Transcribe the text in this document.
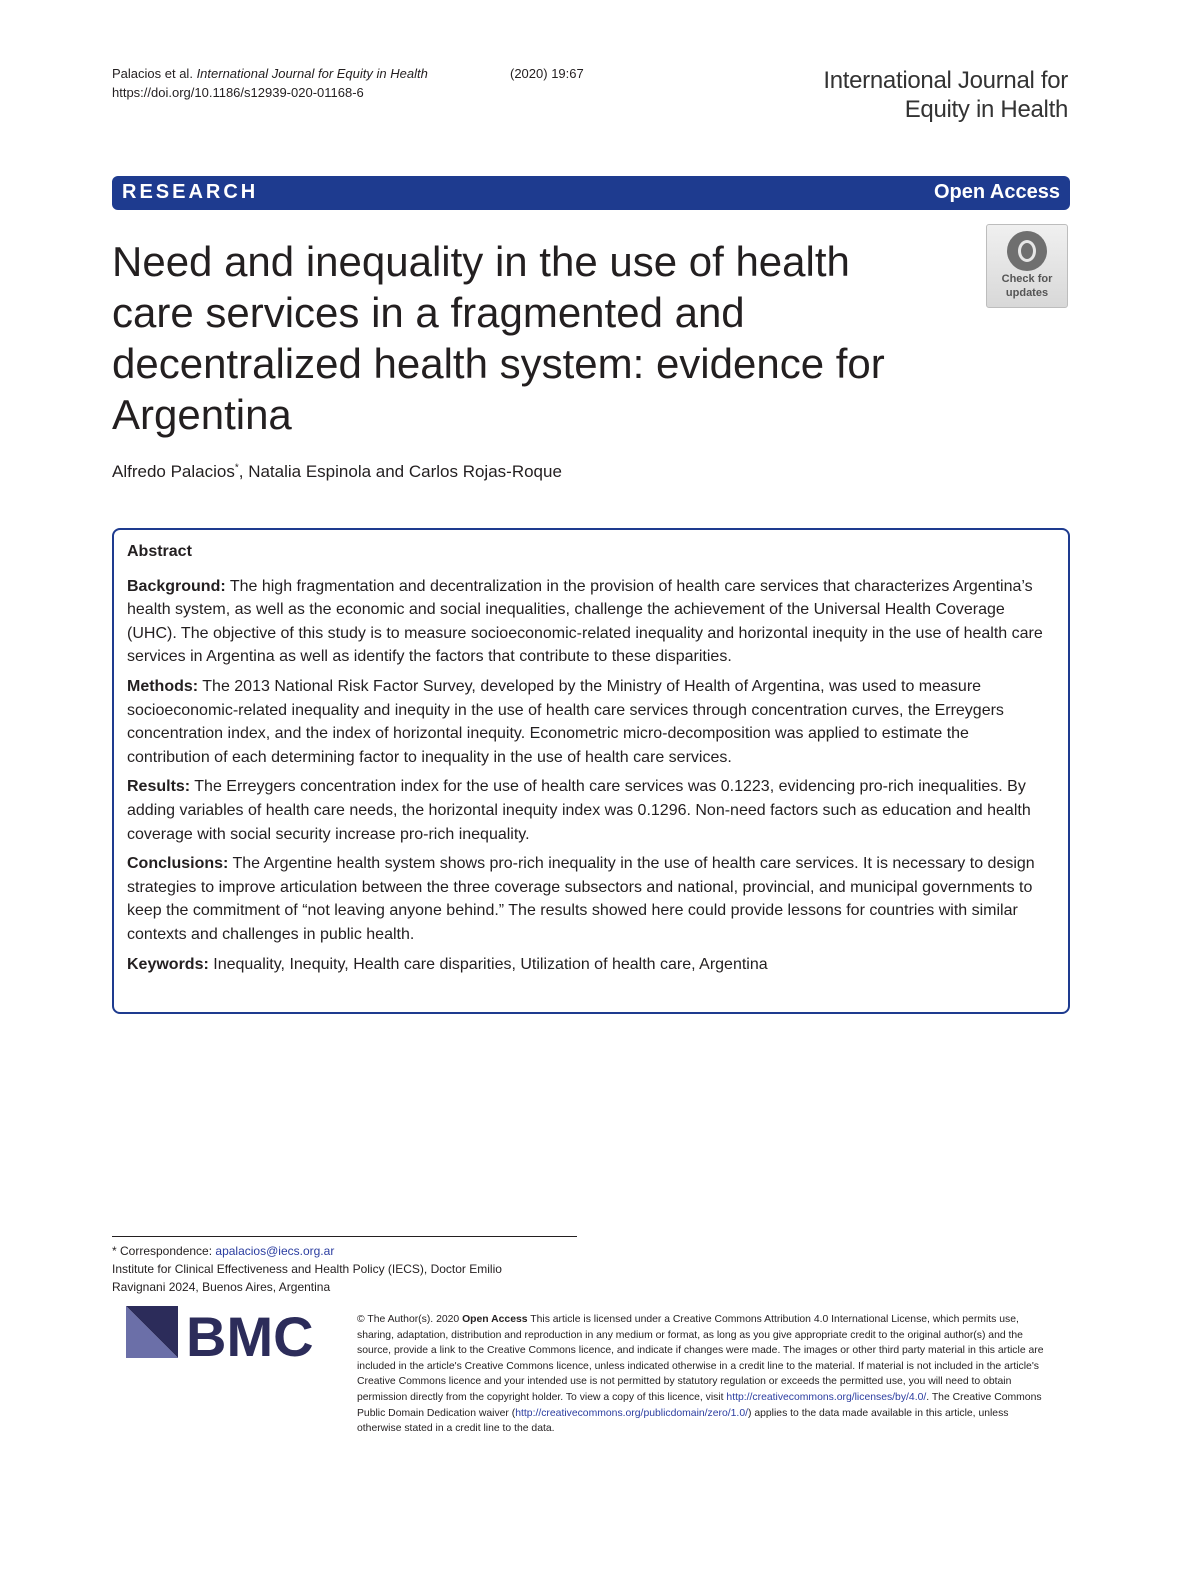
Palacios et al. International Journal for Equity in Health	(2020) 19:67
https://doi.org/10.1186/s12939-020-01168-6	International Journal for
Equity in Health
RESEARCH	Open Access
Need and inequality in the use of health care services in a fragmented and decentralized health system: evidence for Argentina
Check for
updates
Alfredo Palacios*, Natalia Espinola and Carlos Rojas-Roque
Abstract

Background: The high fragmentation and decentralization in the provision of health care services that characterizes Argentina’s health system, as well as the economic and social inequalities, challenge the achievement of the Universal Health Coverage (UHC). The objective of this study is to measure socioeconomic-related inequality and horizontal inequity in the use of health care services in Argentina as well as identify the factors that contribute to these disparities.

Methods: The 2013 National Risk Factor Survey, developed by the Ministry of Health of Argentina, was used to measure socioeconomic-related inequality and inequity in the use of health care services through concentration curves, the Erreygers concentration index, and the index of horizontal inequity. Econometric micro-decomposition was applied to estimate the contribution of each determining factor to inequality in the use of health care services.

Results: The Erreygers concentration index for the use of health care services was 0.1223, evidencing pro-rich inequalities. By adding variables of health care needs, the horizontal inequity index was 0.1296. Non-need factors such as education and health coverage with social security increase pro-rich inequality.

Conclusions: The Argentine health system shows pro-rich inequality in the use of health care services. It is necessary to design strategies to improve articulation between the three coverage subsectors and national, provincial, and municipal governments to keep the commitment of “not leaving anyone behind.” The results showed here could provide lessons for countries with similar contexts and challenges in public health.

Keywords: Inequality, Inequity, Health care disparities, Utilization of health care, Argentina

* Correspondence: apalacios@iecs.org.ar
Institute for Clinical Effectiveness and Health Policy (IECS), Doctor Emilio
Ravignani 2024, Buenos Aires, Argentina
BMC	© The Author(s). 2020 Open Access This article is licensed under a Creative Commons Attribution 4.0 International License, which permits use, sharing, adaptation, distribution and reproduction in any medium or format, as long as you give appropriate credit to the original author(s) and the source, provide a link to the Creative Commons licence, and indicate if changes were made. The images or other third party material in this article are included in the article's Creative Commons licence, unless indicated otherwise in a credit line to the material. If material is not included in the article's Creative Commons licence and your intended use is not permitted by statutory regulation or exceeds the permitted use, you will need to obtain permission directly from the copyright holder. To view a copy of this licence, visit http://creativecommons.org/licenses/by/4.0/. The Creative Commons Public Domain Dedication waiver (http://creativecommons.org/publicdomain/zero/1.0/) applies to the data made available in this article, unless otherwise stated in a credit line to the data.
